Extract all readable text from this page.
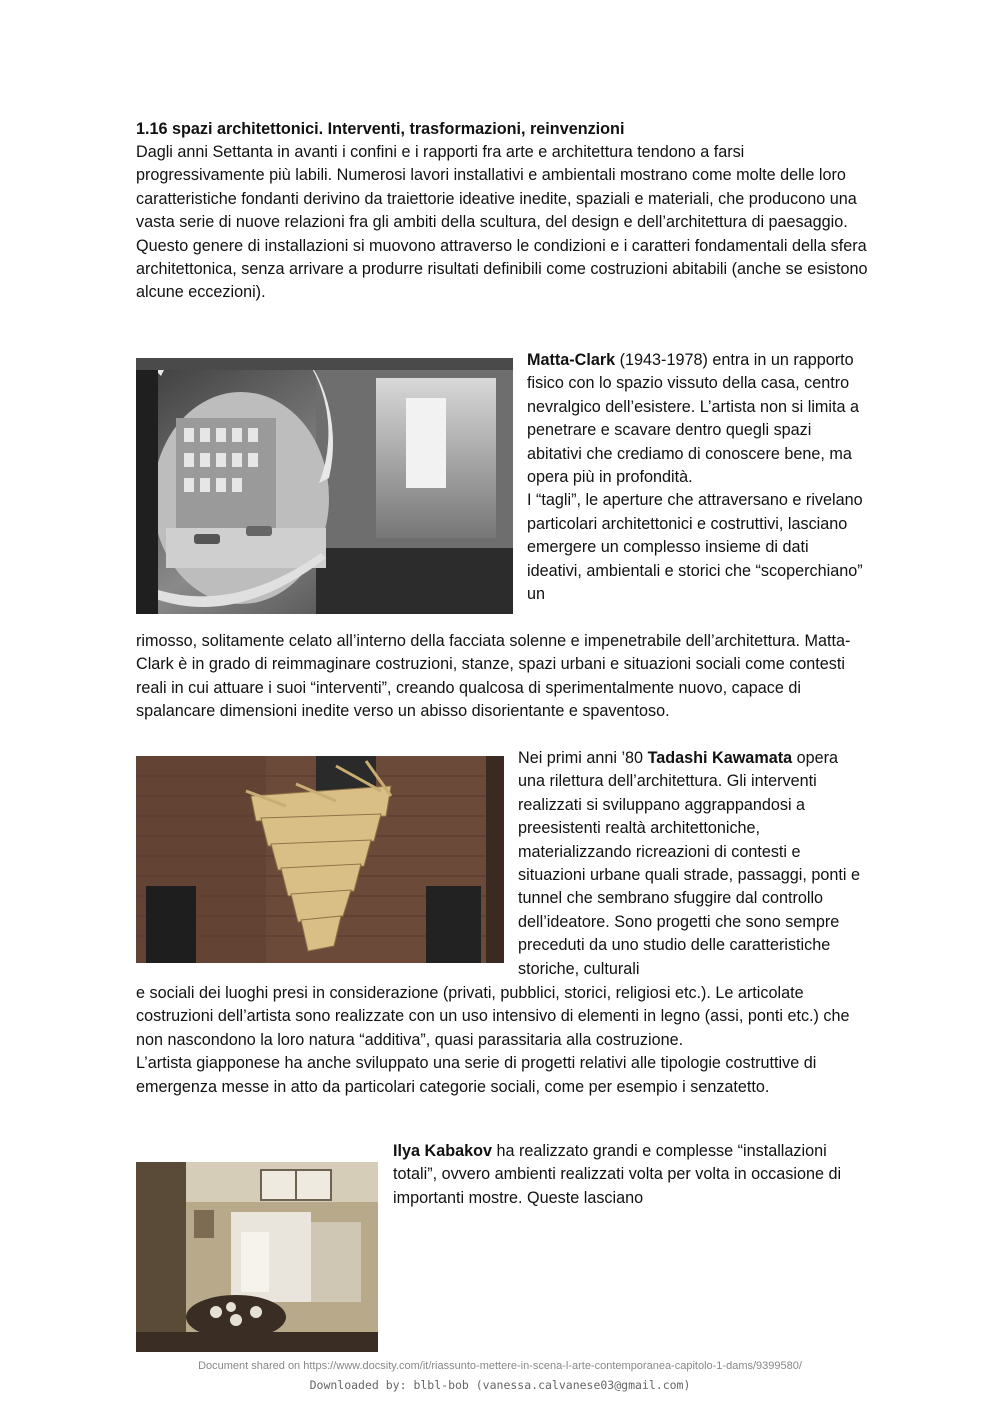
1.16 spazi architettonici. Interventi, trasformazioni, reinvenzioni

Dagli anni Settanta in avanti i confini e i rapporti fra arte e architettura tendono a farsi progressivamente più labili. Numerosi lavori installativi e ambientali mostrano come molte delle loro caratteristiche fondanti derivino da traiettorie ideative inedite, spaziali e materiali, che producono una vasta serie di nuove relazioni fra gli ambiti della scultura, del design e dell’architettura di paesaggio.

Questo genere di installazioni si muovono attraverso le condizioni e i caratteri fondamentali della sfera architettonica, senza arrivare a produrre risultati definibili come costruzioni abitabili (anche se esistono alcune eccezioni).

Matta-Clark (1943-1978) entra in un rapporto fisico con lo spazio vissuto della casa, centro nevralgico dell’esistere. L’artista non si limita a penetrare e scavare dentro quegli spazi abitativi che crediamo di conoscere bene, ma opera più in profondità.

I “tagli”, le aperture che attraversano e rivelano particolari architettonici e costruttivi, lasciano emergere un complesso insieme di dati ideativi, ambientali e storici che “scoperchiano” un

rimosso, solitamente celato all’interno della facciata solenne e impenetrabile dell’architettura. Matta-Clark è in grado di reimmaginare costruzioni, stanze, spazi urbani e situazioni sociali come contesti reali in cui attuare i suoi “interventi”, creando qualcosa di sperimentalmente nuovo, capace di spalancare dimensioni inedite verso un abisso disorientante e spaventoso.

Nei primi anni ’80 Tadashi Kawamata opera una rilettura dell’architettura. Gli interventi realizzati si sviluppano aggrappandosi a preesistenti realtà architettoniche, materializzando ricreazioni di contesti e situazioni urbane quali strade, passaggi, ponti e tunnel che sembrano sfuggire dal controllo dell’ideatore. Sono progetti che sono sempre preceduti da uno studio delle caratteristiche storiche, culturali

e sociali dei luoghi presi in considerazione (privati, pubblici, storici, religiosi etc.). Le articolate costruzioni dell’artista sono realizzate con un uso intensivo di elementi in legno (assi, ponti etc.) che non nascondono la loro natura “additiva”, quasi parassitaria alla costruzione.

L’artista giapponese ha anche sviluppato una serie di progetti relativi alle tipologie costruttive di emergenza messe in atto da particolari categorie sociali, come per esempio i senzatetto.

Ilya Kabakov ha realizzato grandi e complesse “installazioni totali”, ovvero ambienti realizzati volta per volta in occasione di importanti mostre. Queste lasciano

Document shared on https://www.docsity.com/it/riassunto-mettere-in-scena-l-arte-contemporanea-capitolo-1-dams/9399580/
Downloaded by: blbl-bob (vanessa.calvanese03@gmail.com)
